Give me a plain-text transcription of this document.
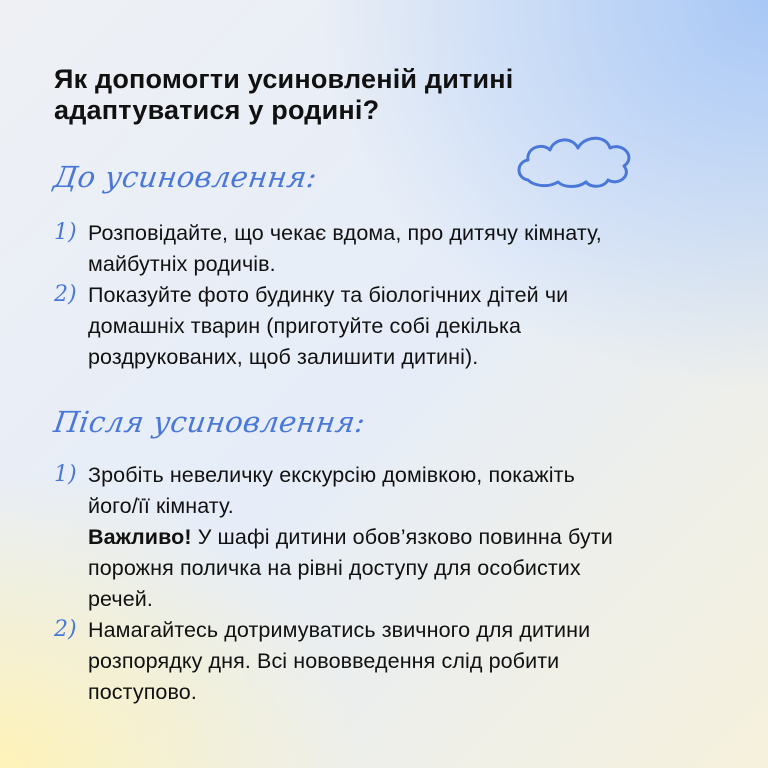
Як допомогти усиновленій дитині
адаптуватися у родині?
До усиновлення:
1) Розповідайте, що чекає вдома, про дитячу кімнату,
майбутніх родичів.
2) Показуйте фото будинку та біологічних дітей чи
домашніх тварин (приготуйте собі декілька
роздрукованих, щоб залишити дитині).
Після усиновлення:
1) Зробіть невеличку екскурсію домівкою, покажіть
його/її кімнату.
Важливо! У шафі дитини обов’язково повинна бути
порожня поличка на рівні доступу для особистих
речей.
2) Намагайтесь дотримуватись звичного для дитини
розпорядку дня. Всі нововведення слід робити
поступово.
